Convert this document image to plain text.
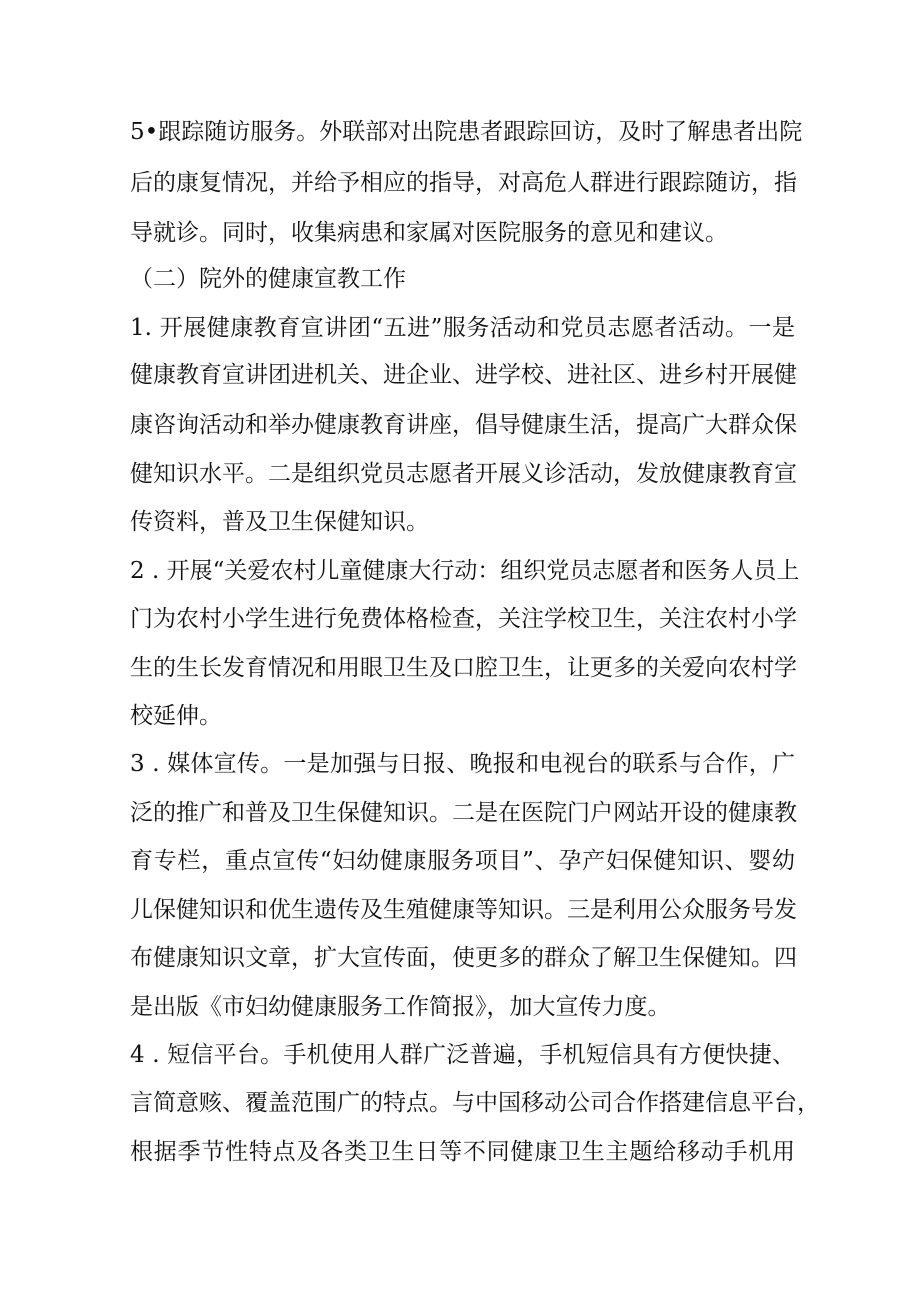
5•跟踪随访服务。外联部对出院患者跟踪回访，及时了解患者出院
后的康复情况，并给予相应的指导，对高危人群进行跟踪随访，指
导就诊。同时，收集病患和家属对医院服务的意见和建议。
（二）院外的健康宣教工作
1. 开展健康教育宣讲团“五进”服务活动和党员志愿者活动。一是
健康教育宣讲团进机关、进企业、进学校、进社区、进乡村开展健
康咨询活动和举办健康教育讲座，倡导健康生活，提高广大群众保
健知识水平。二是组织党员志愿者开展义诊活动，发放健康教育宣
传资料，普及卫生保健知识。
2 . 开展“关爱农村儿童健康大行动：组织党员志愿者和医务人员上
门为农村小学生进行免费体格检查，关注学校卫生，关注农村小学
生的生长发育情况和用眼卫生及口腔卫生，让更多的关爱向农村学
校延伸。
3 . 媒体宣传。一是加强与日报、晚报和电视台的联系与合作，广
泛的推广和普及卫生保健知识。二是在医院门户网站开设的健康教
育专栏，重点宣传“妇幼健康服务项目”、孕产妇保健知识、婴幼
儿保健知识和优生遗传及生殖健康等知识。三是利用公众服务号发
布健康知识文章，扩大宣传面，使更多的群众了解卫生保健知。四
是出版《市妇幼健康服务工作简报》，加大宣传力度。
4 . 短信平台。手机使用人群广泛普遍，手机短信具有方便快捷、
言简意赅、覆盖范围广的特点。与中国移动公司合作搭建信息平台，
根据季节性特点及各类卫生日等不同健康卫生主题给移动手机用
